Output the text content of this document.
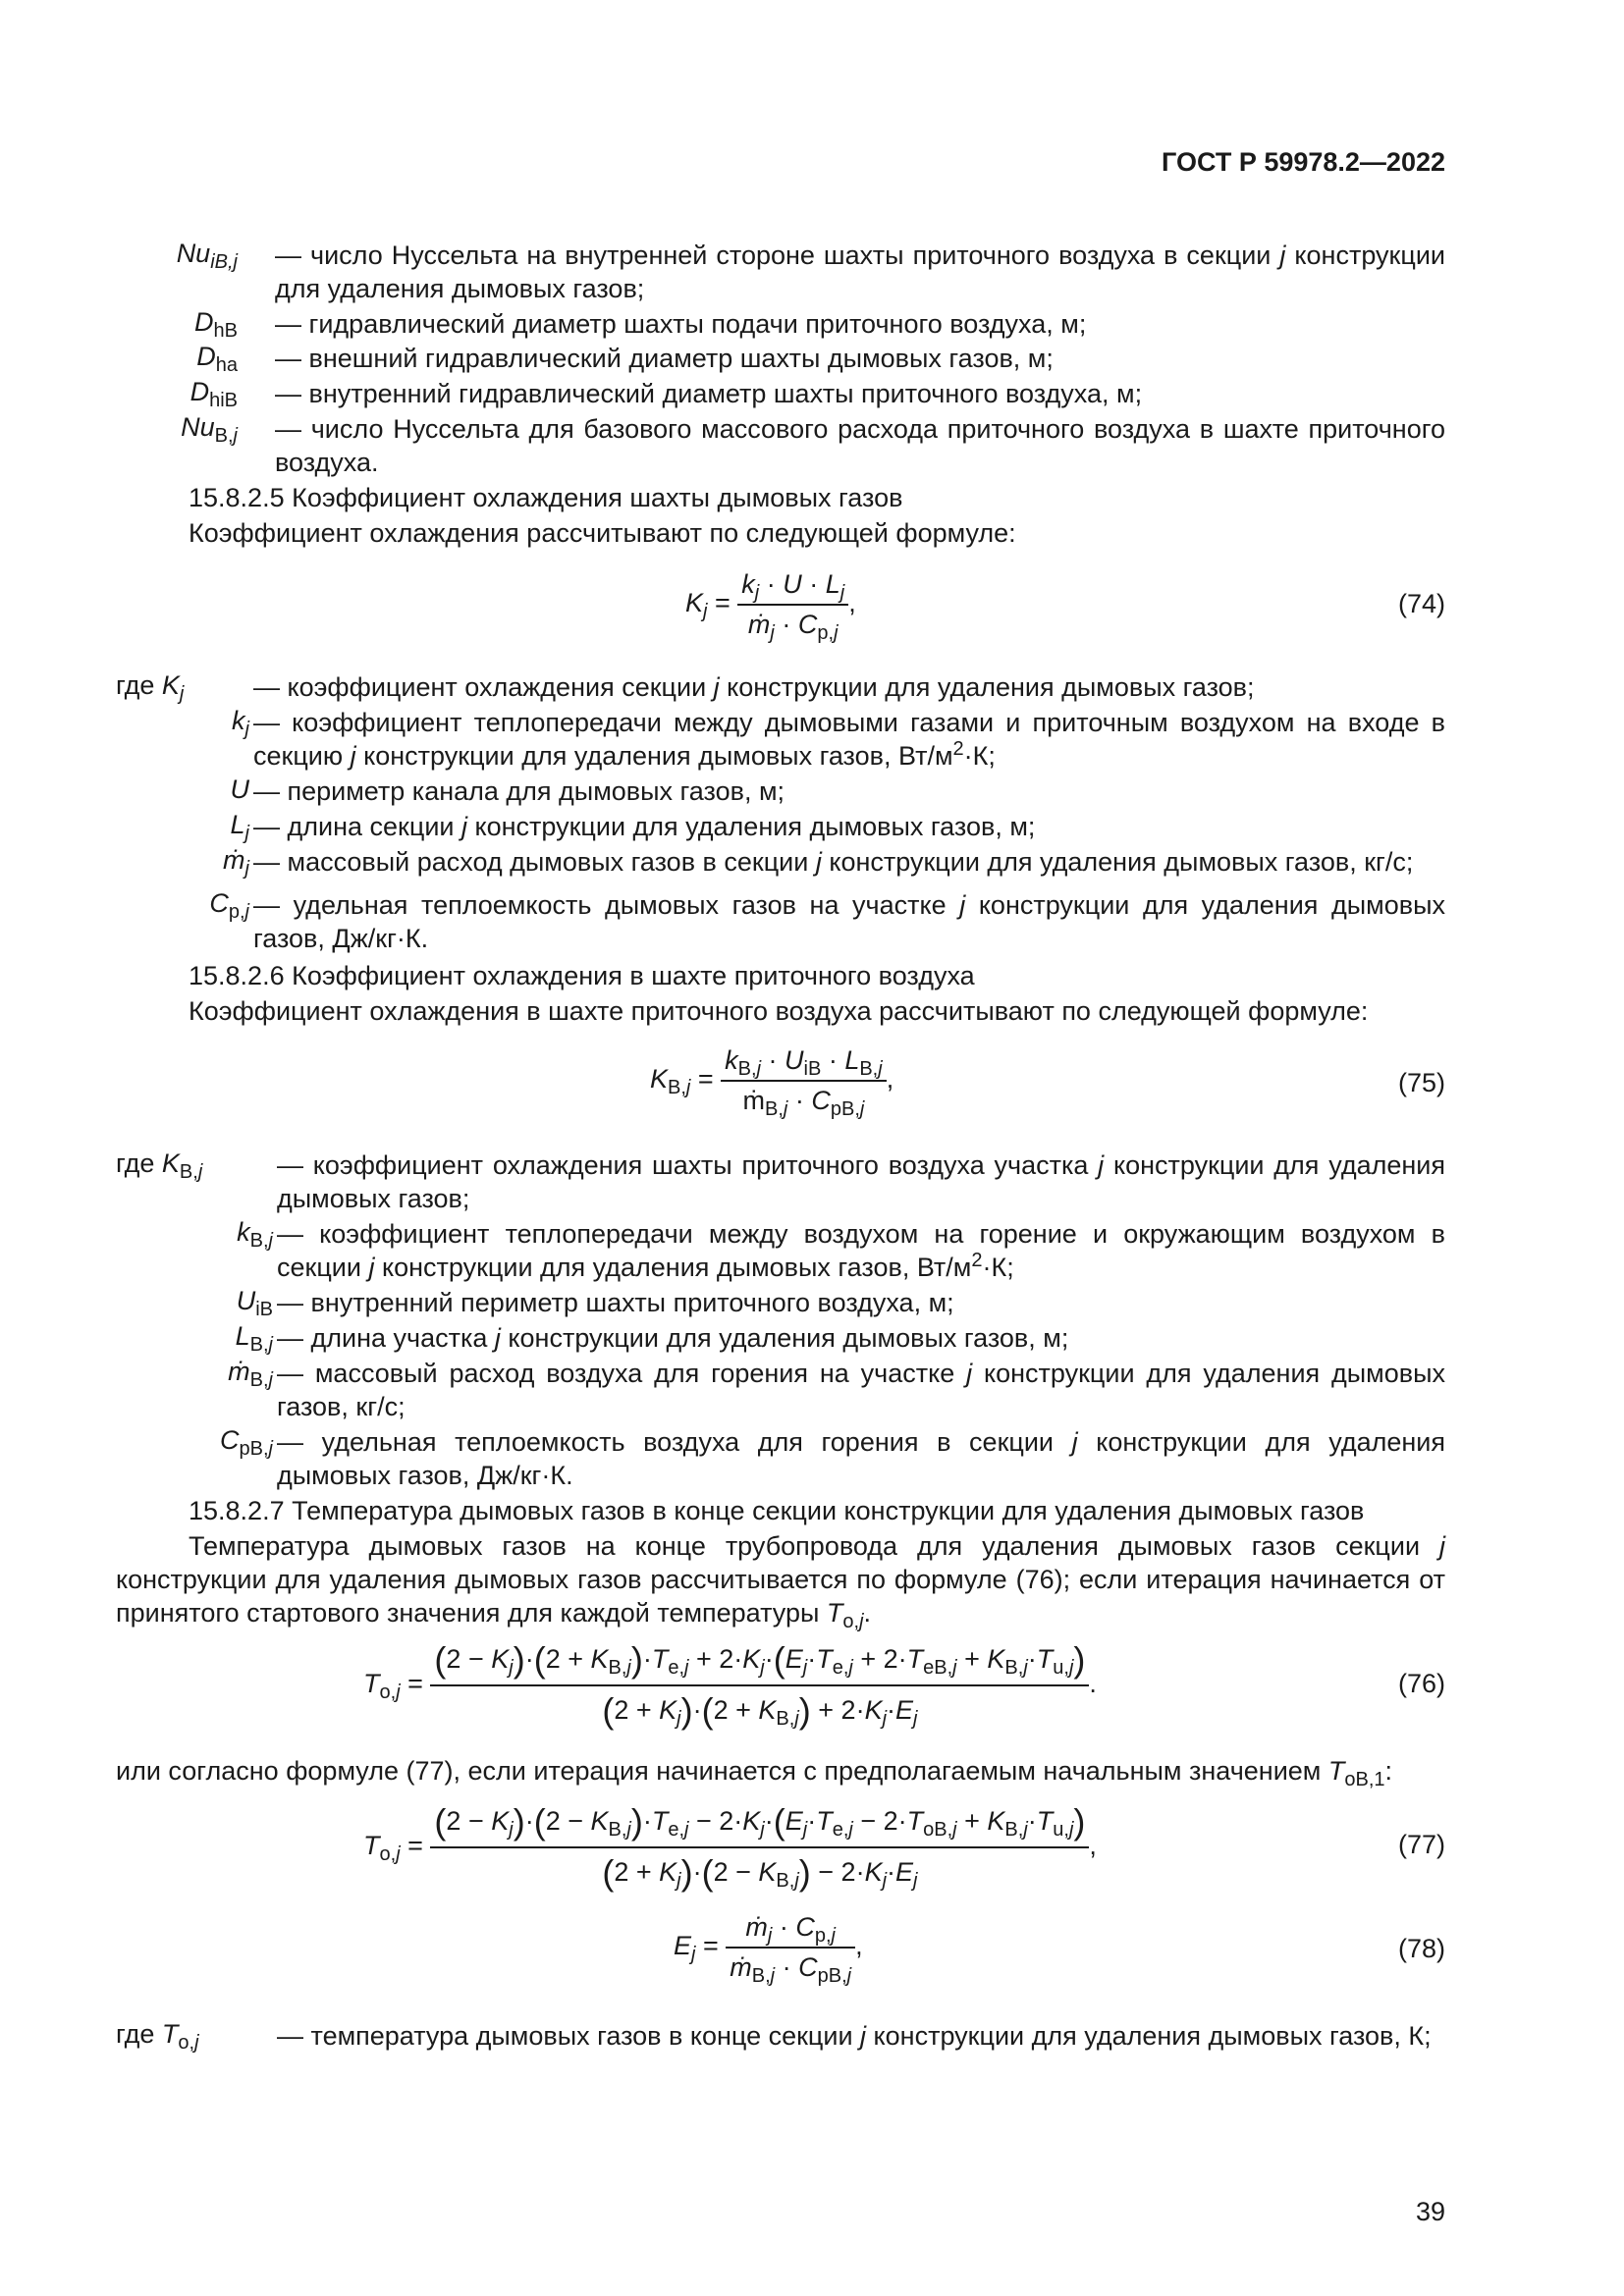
ГОСТ Р 59978.2—2022
$Nu_{iB,j}$ — число Нуссельта на внутренней стороне шахты приточного воздуха в секции j конструкции для удаления дымовых газов;
$D_{hB}$ — гидравлический диаметр шахты подачи приточного воздуха, м;
$D_{ha}$ — внешний гидравлический диаметр шахты дымовых газов, м;
$D_{hiB}$ — внутренний гидравлический диаметр шахты приточного воздуха, м;
$Nu_{B,j}$ — число Нуссельта для базового массового расхода приточного воздуха в шахте приточного воздуха.
15.8.2.5 Коэффициент охлаждения шахты дымовых газов
Коэффициент охлаждения рассчитывают по следующей формуле:
$K_j = \frac{k_j \cdot U \cdot L_j}{ṁ_j \cdot C_{p,j}}$ ,	(74)
где $K_j$	— коэффициент охлаждения секции j конструкции для удаления дымовых газов;
$k_j$ — коэффициент теплопередачи между дымовыми газами и приточным воздухом на входе в секцию j конструкции для удаления дымовых газов, $Вт/м^2\cdot К$;
U — периметр канала для дымовых газов, м;
$L_j$ — длина секции j конструкции для удаления дымовых газов, м;
ṁ$_j$ — массовый расход дымовых газов в секции j конструкции для удаления дымовых газов, кг/с;
$C_{p,j}$ — удельная теплоемкость дымовых газов на участке j конструкции для удаления дымовых газов, Дж/кг·К.
15.8.2.6 Коэффициент охлаждения в шахте приточного воздуха
Коэффициент охлаждения в шахте приточного воздуха рассчитывают по следующей формуле:
$K_{B,j} = \frac{k_{B,j} \cdot U_{iB} \cdot L_{B,j}}{ṁ_{B,j} \cdot C_{pB,j}}$ ,	(75)
где $K_{B,j}$	— коэффициент охлаждения шахты приточного воздуха участка j конструкции для удаления дымовых газов;
$k_{B,j}$ — коэффициент теплопередачи между воздухом на горение и окружающим воздухом в секции j конструкции для удаления дымовых газов, $Вт/м^2\cdot К$;
$U_{iB}$ — внутренний периметр шахты приточного воздуха, м;
$L_{B,j}$ — длина участка j конструкции для удаления дымовых газов, м;
ṁ$_{B,j}$ — массовый расход воздуха для горения на участке j конструкции для удаления дымовых газов, кг/с;
$C_{pB,j}$ — удельная теплоемкость воздуха для горения в секции j конструкции для удаления дымовых газов, Дж/кг·К.
15.8.2.7 Температура дымовых газов в конце секции конструкции для удаления дымовых газов
Температура дымовых газов на конце трубопровода для удаления дымовых газов секции j конструкции для удаления дымовых газов рассчитывается по формуле (76); если итерация начинается от принятого стартового значения для каждой температуры $T_{o,j}$.
$T_{o,j}$ =
$(2 - K_j)\cdot(2 + K_{B,j})\cdot T_{e,j} + 2\cdot K_j\cdot(E_j\cdot T_{e,j} + 2\cdot T_{eB,j} + K_{B,j}\cdot T_{u,j})$
$(2 + K_j)\cdot(2 + K_{B,j}) + 2\cdot K_j\cdot E_j$
.	(76)
или согласно формуле (77), если итерация начинается с предполагаемым начальным значением $T_{oB,1}$:
$T_{o,j}$ =
$(2 - K_j)\cdot(2 - K_{B,j})\cdot T_{e,j} - 2\cdot K_j\cdot(E_j\cdot T_{e,j} - 2\cdot T_{oB,j} + K_{B,j}\cdot T_{u,j})$
$(2 + K_j)\cdot(2 - K_{B,j}) - 2\cdot K_j\cdot E_j$
,	(77)
$E_j = \frac{ṁ_j \cdot C_{p,j}}{ṁ_{B,j} \cdot C_{pB,j}}$ ,	(78)
где $T_{o,j}$	— температура дымовых газов в конце секции j конструкции для удаления дымовых газов, К;
39
